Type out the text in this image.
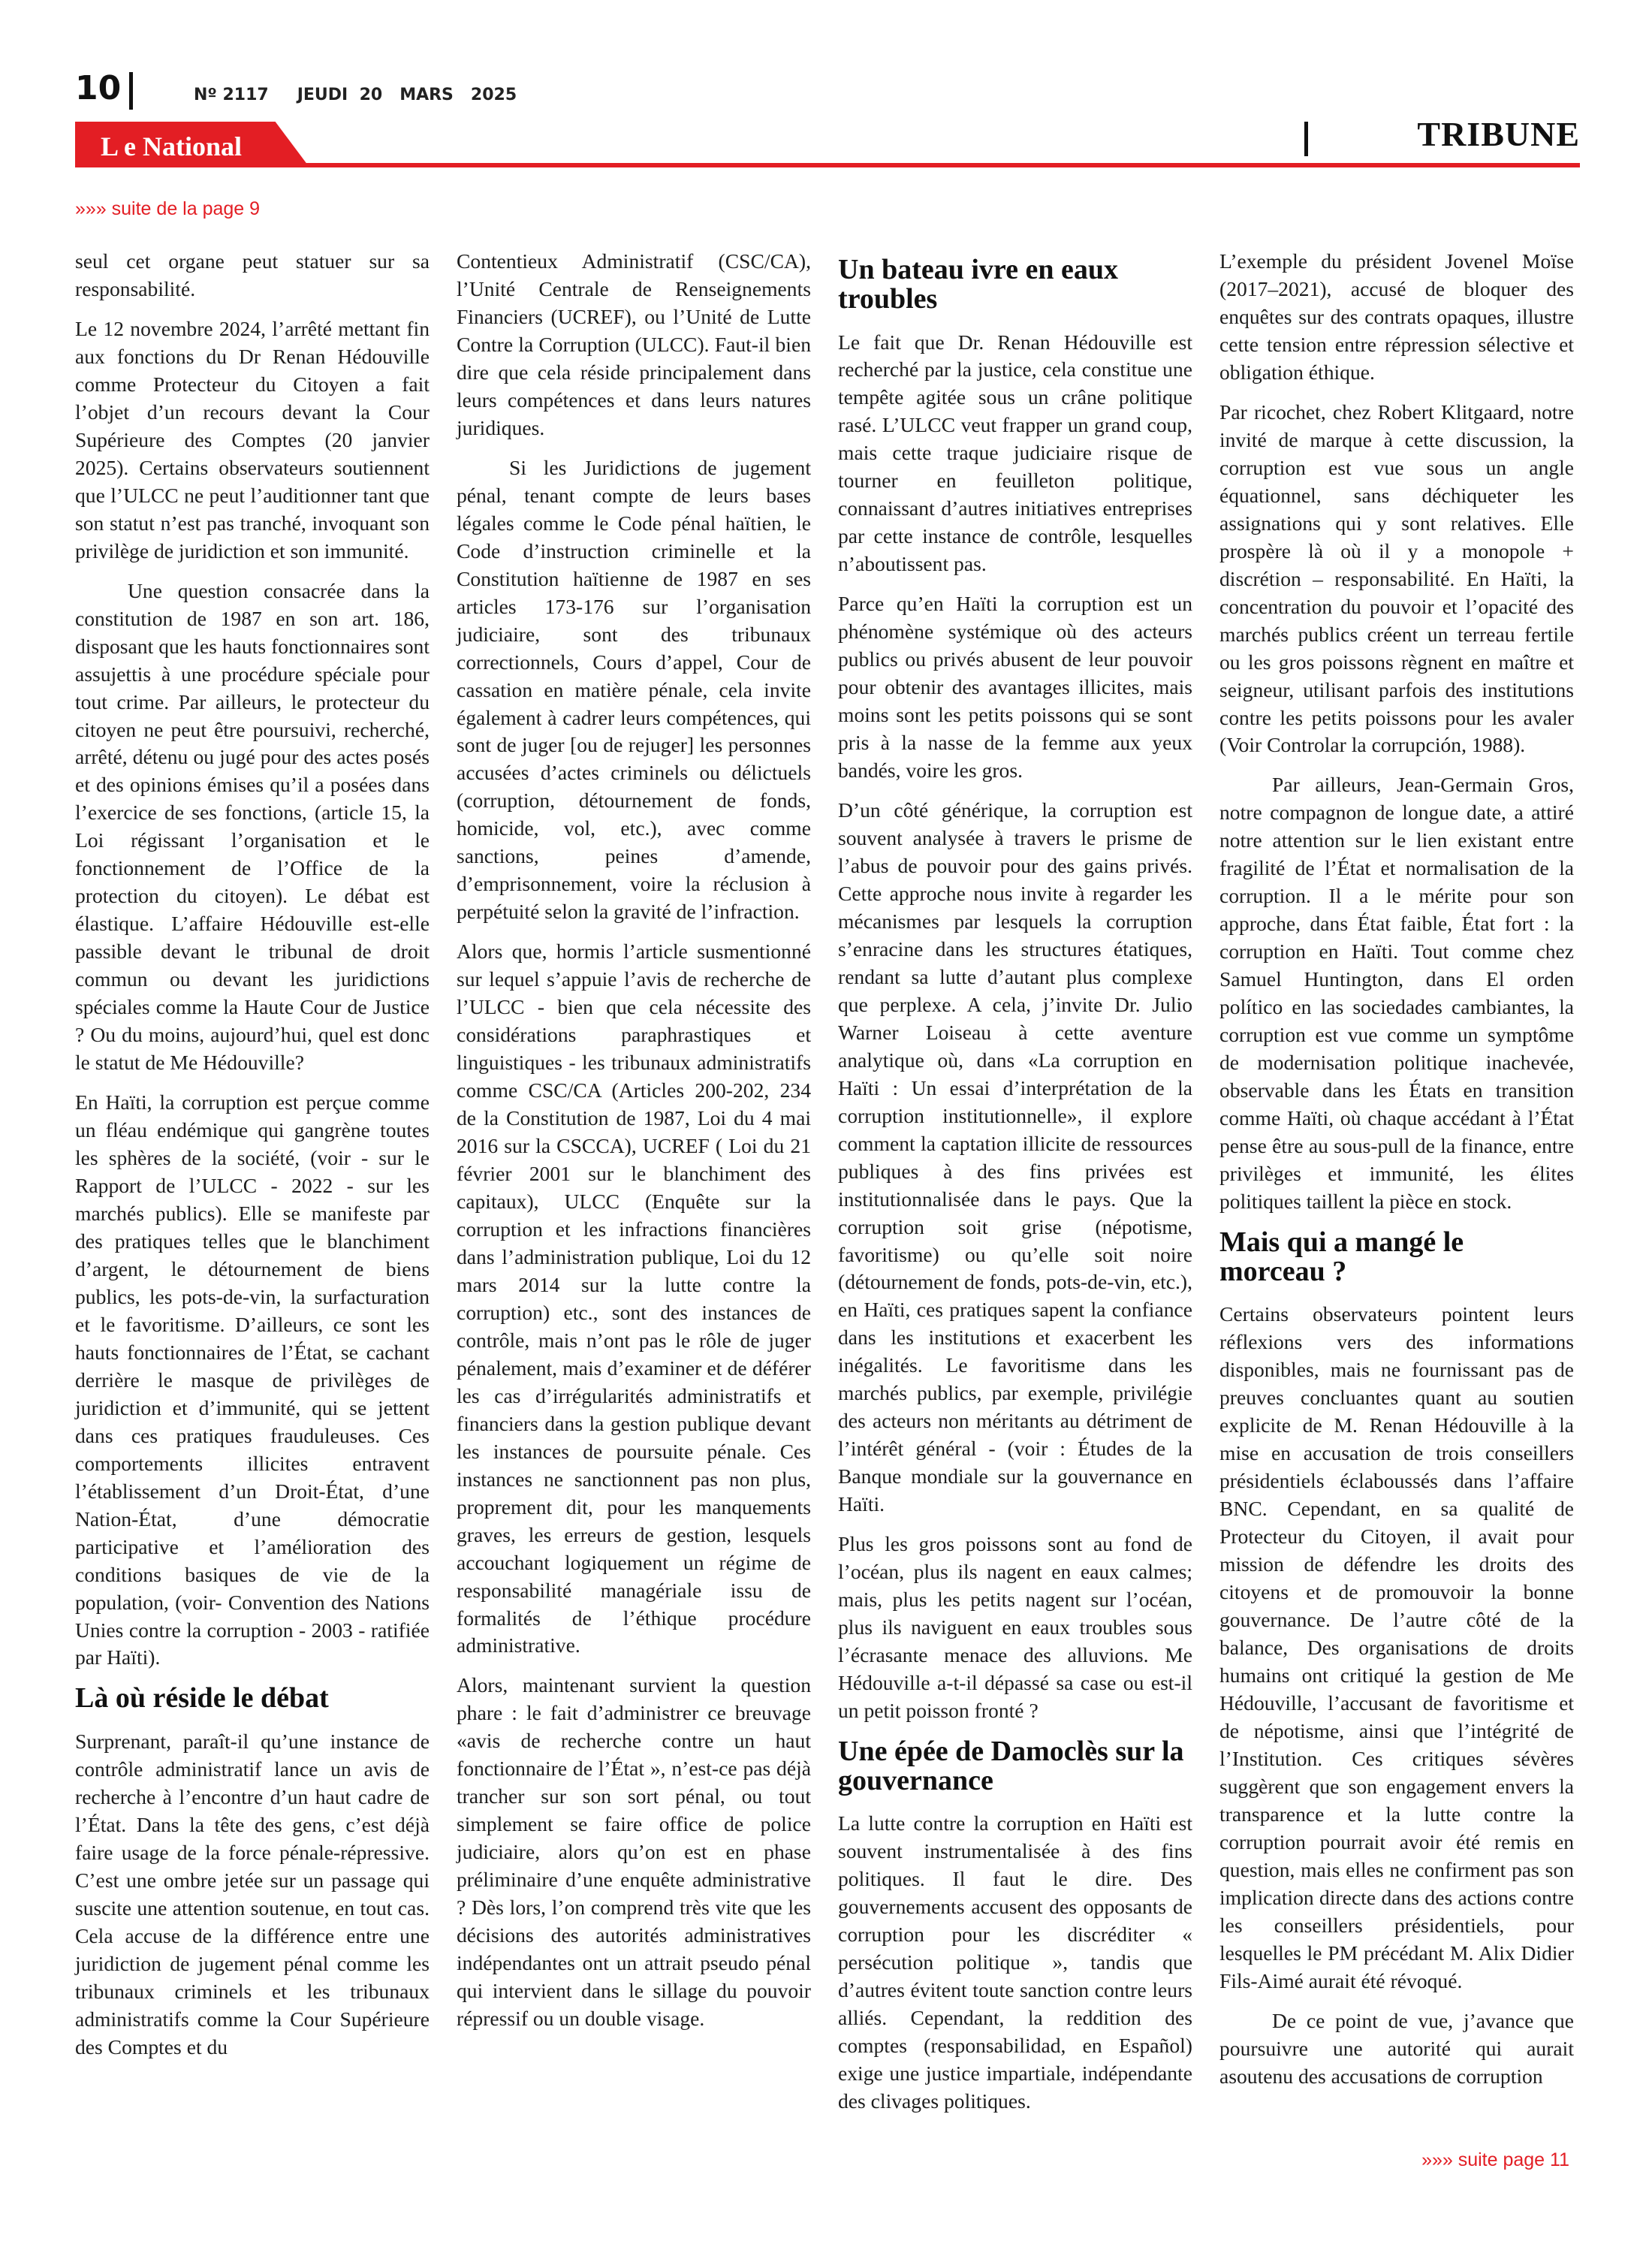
10	Nº 2117 JEUDI 20 MARS 2025
L e National	TRIBUNE
»»» suite de la page 9

seul cet organe peut statuer sur sa responsabilité.

Le 12 novembre 2024, l’arrêté mettant fin aux fonctions du Dr Renan Hédouville comme Protecteur du Citoyen a fait l’objet d’un recours devant la Cour Supérieure des Comptes (20 janvier 2025). Certains observateurs soutiennent que l’ULCC ne peut l’auditionner tant que son statut n’est pas tranché, invoquant son privilège de juridiction et son immunité.

Une question consacrée dans la constitution de 1987 en son art. 186, disposant que les hauts fonctionnaires sont assujettis à une procédure spéciale pour tout crime. Par ailleurs, le protecteur du citoyen ne peut être poursuivi, recherché, arrêté, détenu ou jugé pour des actes posés et des opinions émises qu’il a posées dans l’exercice de ses fonctions, (article 15, la Loi régissant l’organisation et le fonctionnement de l’Office de la protection du citoyen). Le débat est élastique. L’affaire Hédouville est-elle passible devant le tribunal de droit commun ou devant les juridictions spéciales comme la Haute Cour de Justice ? Ou du moins, aujourd’hui, quel est donc le statut de Me Hédouville?

En Haïti, la corruption est perçue comme un fléau endémique qui gangrène toutes les sphères de la société, (voir - sur le Rapport de l’ULCC - 2022 - sur les marchés publics). Elle se manifeste par des pratiques telles que le blanchiment d’argent, le détournement de biens publics, les pots-de-vin, la surfacturation et le favoritisme. D’ailleurs, ce sont les hauts fonctionnaires de l’État, se cachant derrière le masque de privilèges de juridiction et d’immunité, qui se jettent dans ces pratiques frauduleuses. Ces comportements illicites entravent l’établissement d’un Droit-État, d’une Nation-État, d’une démocratie participative et l’amélioration des conditions basiques de vie de la population, (voir- Convention des Nations Unies contre la corruption - 2003 - ratifiée par Haïti).

Là où réside le débat

Surprenant, paraît-il qu’une instance de contrôle administratif lance un avis de recherche à l’encontre d’un haut cadre de l’État. Dans la tête des gens, c’est déjà faire usage de la force pénale-répressive. C’est une ombre jetée sur un passage qui suscite une attention soutenue, en tout cas. Cela accuse de la différence entre une juridiction de jugement pénal comme les tribunaux criminels et les tribunaux administratifs comme la Cour Supérieure des Comptes et du

Contentieux Administratif (CSC/CA), l’Unité Centrale de Renseignements Financiers (UCREF), ou l’Unité de Lutte Contre la Corruption (ULCC). Faut-il bien dire que cela réside principalement dans leurs compétences et dans leurs natures juridiques.

Si les Juridictions de jugement pénal, tenant compte de leurs bases légales comme le Code pénal haïtien, le Code d’instruction criminelle et la Constitution haïtienne de 1987 en ses articles 173-176 sur l’organisation judiciaire, sont des tribunaux correctionnels, Cours d’appel, Cour de cassation en matière pénale, cela invite également à cadrer leurs compétences, qui sont de juger [ou de rejuger] les personnes accusées d’actes criminels ou délictuels (corruption, détournement de fonds, homicide, vol, etc.), avec comme sanctions, peines d’amende, d’emprisonnement, voire la réclusion à perpétuité selon la gravité de l’infraction.

Alors que, hormis l’article susmentionné sur lequel s’appuie l’avis de recherche de l’ULCC - bien que cela nécessite des considérations paraphrastiques et linguistiques - les tribunaux administratifs comme CSC/CA (Articles 200-202, 234 de la Constitution de 1987, Loi du 4 mai 2016 sur la CSCCA), UCREF ( Loi du 21 février 2001 sur le blanchiment des capitaux), ULCC (Enquête sur la corruption et les infractions financières dans l’administration publique, Loi du 12 mars 2014 sur la lutte contre la corruption) etc., sont des instances de contrôle, mais n’ont pas le rôle de juger pénalement, mais d’examiner et de déférer les cas d’irrégularités administratifs et financiers dans la gestion publique devant les instances de poursuite pénale. Ces instances ne sanctionnent pas non plus, proprement dit, pour les manquements graves, les erreurs de gestion, lesquels accouchant logiquement un régime de responsabilité managériale issu de formalités de l’éthique procédure administrative.

Alors, maintenant survient la question phare : le fait d’administrer ce breuvage «avis de recherche contre un haut fonctionnaire de l’État », n’est-ce pas déjà trancher sur son sort pénal, ou tout simplement se faire office de police judiciaire, alors qu’on est en phase préliminaire d’une enquête administrative ? Dès lors, l’on comprend très vite que les décisions des autorités administratives indépendantes ont un attrait pseudo pénal qui intervient dans le sillage du pouvoir répressif ou un double visage.

Un bateau ivre en eaux troubles

Le fait que Dr. Renan Hédouville est recherché par la justice, cela constitue une tempête agitée sous un crâne politique rasé. L’ULCC veut frapper un grand coup, mais cette traque judiciaire risque de tourner en feuilleton politique, connaissant d’autres initiatives entreprises par cette instance de contrôle, lesquelles n’aboutissent pas.

Parce qu’en Haïti la corruption est un phénomène systémique où des acteurs publics ou privés abusent de leur pouvoir pour obtenir des avantages illicites, mais moins sont les petits poissons qui se sont pris à la nasse de la femme aux yeux bandés, voire les gros.

D’un côté générique, la corruption est souvent analysée à travers le prisme de l’abus de pouvoir pour des gains privés. Cette approche nous invite à regarder les mécanismes par lesquels la corruption s’enracine dans les structures étatiques, rendant sa lutte d’autant plus complexe que perplexe. A cela, j’invite Dr. Julio Warner Loiseau à cette aventure analytique où, dans «La corruption en Haïti : Un essai d’interprétation de la corruption institutionnelle», il explore comment la captation illicite de ressources publiques à des fins privées est institutionnalisée dans le pays. Que la corruption soit grise (népotisme, favoritisme) ou qu’elle soit noire (détournement de fonds, pots-de-vin, etc.), en Haïti, ces pratiques sapent la confiance dans les institutions et exacerbent les inégalités. Le favoritisme dans les marchés publics, par exemple, privilégie des acteurs non méritants au détriment de l’intérêt général - (voir : Études de la Banque mondiale sur la gouvernance en Haïti.

Plus les gros poissons sont au fond de l’océan, plus ils nagent en eaux calmes; mais, plus les petits nagent sur l’océan, plus ils naviguent en eaux troubles sous l’écrasante menace des alluvions. Me Hédouville a-t-il dépassé sa case ou est-il un petit poisson fronté ?

Une épée de Damoclès sur la gouvernance

La lutte contre la corruption en Haïti est souvent instrumentalisée à des fins politiques. Il faut le dire. Des gouvernements accusent des opposants de corruption pour les discréditer « persécution politique », tandis que d’autres évitent toute sanction contre leurs alliés. Cependant, la reddition des comptes (responsabilidad, en Español) exige une justice impartiale, indépendante des clivages politiques.

L’exemple du président Jovenel Moïse (2017–2021), accusé de bloquer des enquêtes sur des contrats opaques, illustre cette tension entre répression sélective et obligation éthique.

Par ricochet, chez Robert Klitgaard, notre invité de marque à cette discussion, la corruption est vue sous un angle équationnel, sans déchiqueter les assignations qui y sont relatives. Elle prospère là où il y a monopole + discrétion – responsabilité. En Haïti, la concentration du pouvoir et l’opacité des marchés publics créent un terreau fertile ou les gros poissons règnent en maître et seigneur, utilisant parfois des institutions contre les petits poissons pour les avaler (Voir Controlar la corrupción, 1988).

Par ailleurs, Jean-Germain Gros, notre compagnon de longue date, a attiré notre attention sur le lien existant entre fragilité de l’État et normalisation de la corruption. Il a le mérite pour son approche, dans État faible, État fort : la corruption en Haïti. Tout comme chez Samuel Huntington, dans El orden político en las sociedades cambiantes, la corruption est vue comme un symptôme de modernisation politique inachevée, observable dans les États en transition comme Haïti, où chaque accédant à l’État pense être au sous-pull de la finance, entre privilèges et immunité, les élites politiques taillent la pièce en stock.

Mais qui a mangé le morceau ?

Certains observateurs pointent leurs réflexions vers des informations disponibles, mais ne fournissant pas de preuves concluantes quant au soutien explicite de M. Renan Hédouville à la mise en accusation de trois conseillers présidentiels éclaboussés dans l’affaire BNC. Cependant, en sa qualité de Protecteur du Citoyen, il avait pour mission de défendre les droits des citoyens et de promouvoir la bonne gouvernance. De l’autre côté de la balance, Des organisations de droits humains ont critiqué la gestion de Me Hédouville, l’accusant de favoritisme et de népotisme, ainsi que l’intégrité de l’Institution. Ces critiques sévères suggèrent que son engagement envers la transparence et la lutte contre la corruption pourrait avoir été remis en question, mais elles ne confirment pas son implication directe dans des actions contre les conseillers présidentiels, pour lesquelles le PM précédant M. Alix Didier Fils-Aimé aurait été révoqué.

De ce point de vue, j’avance que poursuivre une autorité qui aurait asoutenu des accusations de corruption

»»» suite page 11
